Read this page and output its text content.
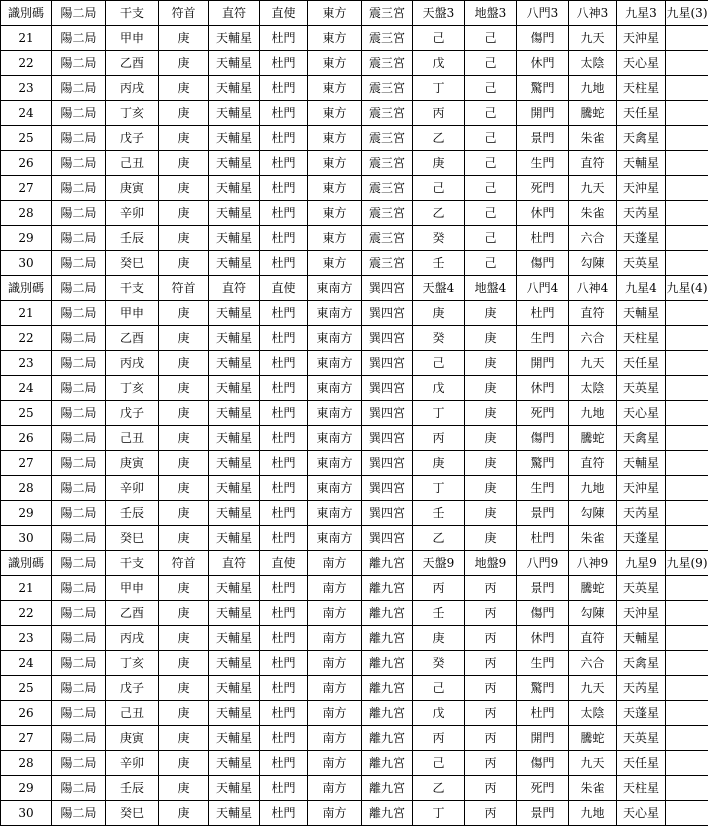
識別碼	陽二局	干支	符首	直符	直使	東方	震三宮	天盤3	地盤3	八門3	八神3	九星3	九星(3)
21	陽二局	甲申	庚	天輔星	杜門	東方	震三宮	己	己	傷門	九天	天沖星	
22	陽二局	乙酉	庚	天輔星	杜門	東方	震三宮	戊	己	休門	太陰	天心星	
23	陽二局	丙戌	庚	天輔星	杜門	東方	震三宮	丁	己	驚門	九地	天柱星	
24	陽二局	丁亥	庚	天輔星	杜門	東方	震三宮	丙	己	開門	騰蛇	天任星	
25	陽二局	戊子	庚	天輔星	杜門	東方	震三宮	乙	己	景門	朱雀	天禽星	
26	陽二局	己丑	庚	天輔星	杜門	東方	震三宮	庚	己	生門	直符	天輔星	
27	陽二局	庚寅	庚	天輔星	杜門	東方	震三宮	己	己	死門	九天	天沖星	
28	陽二局	辛卯	庚	天輔星	杜門	東方	震三宮	乙	己	休門	朱雀	天芮星	
29	陽二局	壬辰	庚	天輔星	杜門	東方	震三宮	癸	己	杜門	六合	天蓬星	
30	陽二局	癸巳	庚	天輔星	杜門	東方	震三宮	壬	己	傷門	勾陳	天英星	
識別碼	陽二局	干支	符首	直符	直使	東南方	巽四宮	天盤4	地盤4	八門4	八神4	九星4	九星(4)
21	陽二局	甲申	庚	天輔星	杜門	東南方	巽四宮	庚	庚	杜門	直符	天輔星	
22	陽二局	乙酉	庚	天輔星	杜門	東南方	巽四宮	癸	庚	生門	六合	天柱星	
23	陽二局	丙戌	庚	天輔星	杜門	東南方	巽四宮	己	庚	開門	九天	天任星	
24	陽二局	丁亥	庚	天輔星	杜門	東南方	巽四宮	戊	庚	休門	太陰	天英星	
25	陽二局	戊子	庚	天輔星	杜門	東南方	巽四宮	丁	庚	死門	九地	天心星	
26	陽二局	己丑	庚	天輔星	杜門	東南方	巽四宮	丙	庚	傷門	騰蛇	天禽星	
27	陽二局	庚寅	庚	天輔星	杜門	東南方	巽四宮	庚	庚	驚門	直符	天輔星	
28	陽二局	辛卯	庚	天輔星	杜門	東南方	巽四宮	丁	庚	生門	九地	天沖星	
29	陽二局	壬辰	庚	天輔星	杜門	東南方	巽四宮	壬	庚	景門	勾陳	天芮星	
30	陽二局	癸巳	庚	天輔星	杜門	東南方	巽四宮	乙	庚	杜門	朱雀	天蓬星	
識別碼	陽二局	干支	符首	直符	直使	南方	離九宮	天盤9	地盤9	八門9	八神9	九星9	九星(9)
21	陽二局	甲申	庚	天輔星	杜門	南方	離九宮	丙	丙	景門	騰蛇	天英星	
22	陽二局	乙酉	庚	天輔星	杜門	南方	離九宮	壬	丙	傷門	勾陳	天沖星	
23	陽二局	丙戌	庚	天輔星	杜門	南方	離九宮	庚	丙	休門	直符	天輔星	
24	陽二局	丁亥	庚	天輔星	杜門	南方	離九宮	癸	丙	生門	六合	天禽星	
25	陽二局	戊子	庚	天輔星	杜門	南方	離九宮	己	丙	驚門	九天	天芮星	
26	陽二局	己丑	庚	天輔星	杜門	南方	離九宮	戊	丙	杜門	太陰	天蓬星	
27	陽二局	庚寅	庚	天輔星	杜門	南方	離九宮	丙	丙	開門	騰蛇	天英星	
28	陽二局	辛卯	庚	天輔星	杜門	南方	離九宮	己	丙	傷門	九天	天任星	
29	陽二局	壬辰	庚	天輔星	杜門	南方	離九宮	乙	丙	死門	朱雀	天柱星	
30	陽二局	癸巳	庚	天輔星	杜門	南方	離九宮	丁	丙	景門	九地	天心星	
